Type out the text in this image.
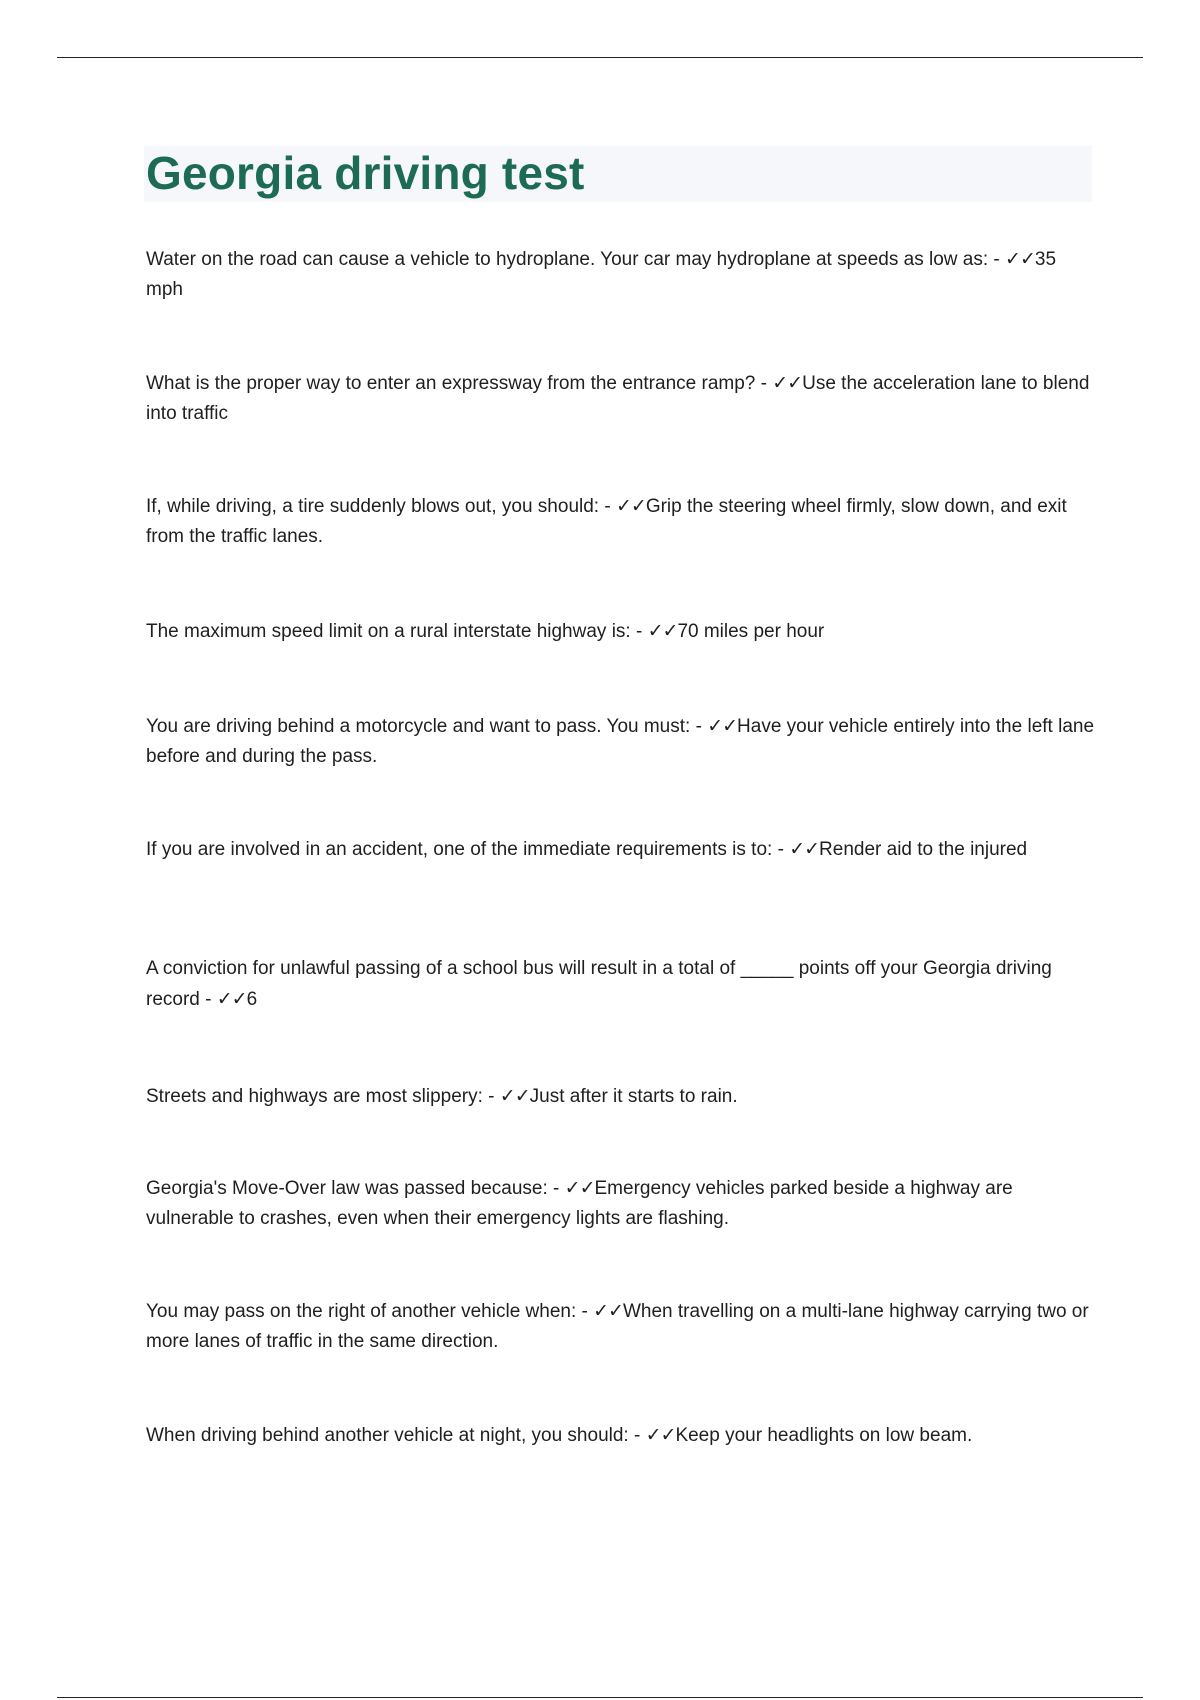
Georgia driving test

Water on the road can cause a vehicle to hydroplane. Your car may hydroplane at speeds as low as: - ✓✓35 mph

What is the proper way to enter an expressway from the entrance ramp? - ✓✓Use the acceleration lane to blend into traffic

If, while driving, a tire suddenly blows out, you should: - ✓✓Grip the steering wheel firmly, slow down, and exit from the traffic lanes.

The maximum speed limit on a rural interstate highway is: - ✓✓70 miles per hour

You are driving behind a motorcycle and want to pass. You must: - ✓✓Have your vehicle entirely into the left lane before and during the pass.

If you are involved in an accident, one of the immediate requirements is to: - ✓✓Render aid to the injured

A conviction for unlawful passing of a school bus will result in a total of _____ points off your Georgia driving record - ✓✓6

Streets and highways are most slippery: - ✓✓Just after it starts to rain.

Georgia's Move-Over law was passed because: - ✓✓Emergency vehicles parked beside a highway are vulnerable to crashes, even when their emergency lights are flashing.

You may pass on the right of another vehicle when: - ✓✓When travelling on a multi-lane highway carrying two or more lanes of traffic in the same direction.

When driving behind another vehicle at night, you should: - ✓✓Keep your headlights on low beam.
